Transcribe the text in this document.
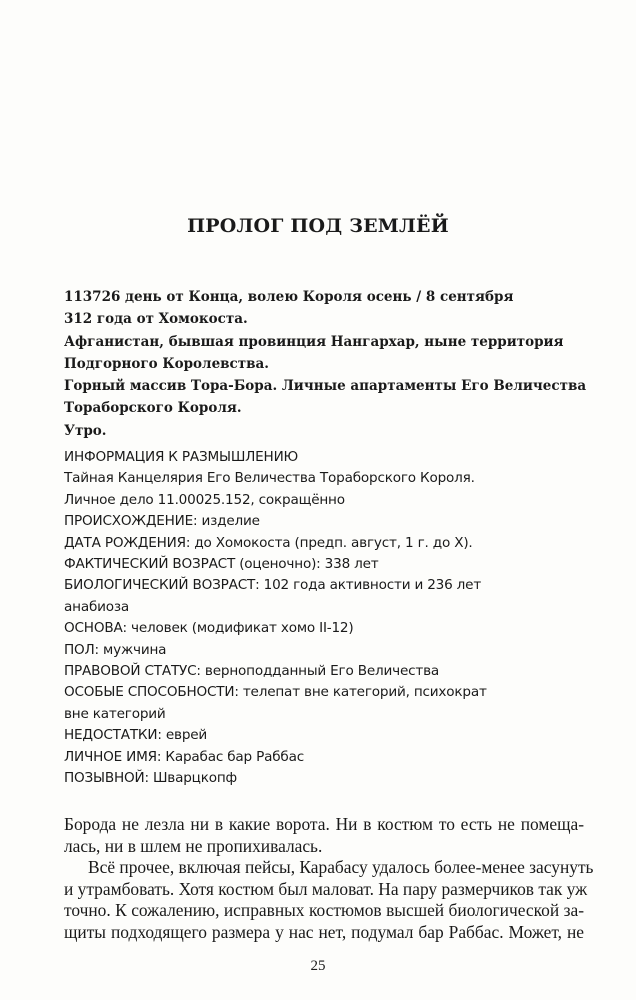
ПРОЛОГ ПОД ЗЕМЛЁЙ
113726 день от Конца, волею Короля осень / 8 сентября
312 года от Хомокоста.
Афганистан, бывшая провинция Нангархар, ныне территория
Подгорного Королевства.
Горный массив Тора-Бора. Личные апартаменты Его Величества
Тораборского Короля.
Утро.
ИНФОРМАЦИЯ К РАЗМЫШЛЕНИЮ
Тайная Канцелярия Его Величества Тораборского Короля.
Личное дело 11.00025.152, сокращённо
ПРОИСХОЖДЕНИЕ: изделие
ДАТА РОЖДЕНИЯ: до Хомокоста (предп. август, 1 г. до Х).
ФАКТИЧЕСКИЙ ВОЗРАСТ (оценочно): 338 лет
БИОЛОГИЧЕСКИЙ ВОЗРАСТ: 102 года активности и 236 лет
анабиоза
ОСНОВА: человек (модификат хомо II-12)
ПОЛ: мужчина
ПРАВОВОЙ СТАТУС: верноподданный Его Величества
ОСОБЫЕ СПОСОБНОСТИ: телепат вне категорий, психократ
вне категорий
НЕДОСТАТКИ: еврей
ЛИЧНОЕ ИМЯ: Карабас бар Раббас
ПОЗЫВНОЙ: Шварцкопф
Борода не лезла ни в какие ворота. Ни в костюм то есть не помеща-
лась, ни в шлем не пропихивалась.
Всё прочее, включая пейсы, Карабасу удалось более-менее засунуть
и утрамбовать. Хотя костюм был маловат. На пару размерчиков так уж
точно. К сожалению, исправных костюмов высшей биологической за-
щиты подходящего размера у нас нет, подумал бар Раббас. Может, не
25
